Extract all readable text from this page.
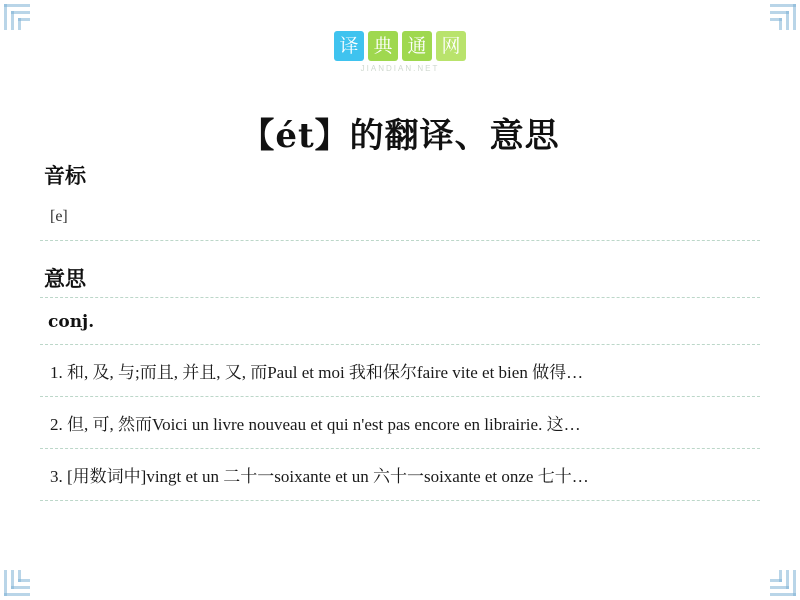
译 典 通 网
JIANDIAN.NET
【ét】的翻译、意思
音标
[e]
意思
conj.
1. 和, 及, 与;而且, 并且, 又, 而Paul et moi 我和保尔faire vite et bien 做得…
2. 但, 可, 然而Voici un livre nouveau et qui n'est pas encore en librairie. 这…
3. [用数词中]vingt et un 二十一soixante et un 六十一soixante et onze 七十…
